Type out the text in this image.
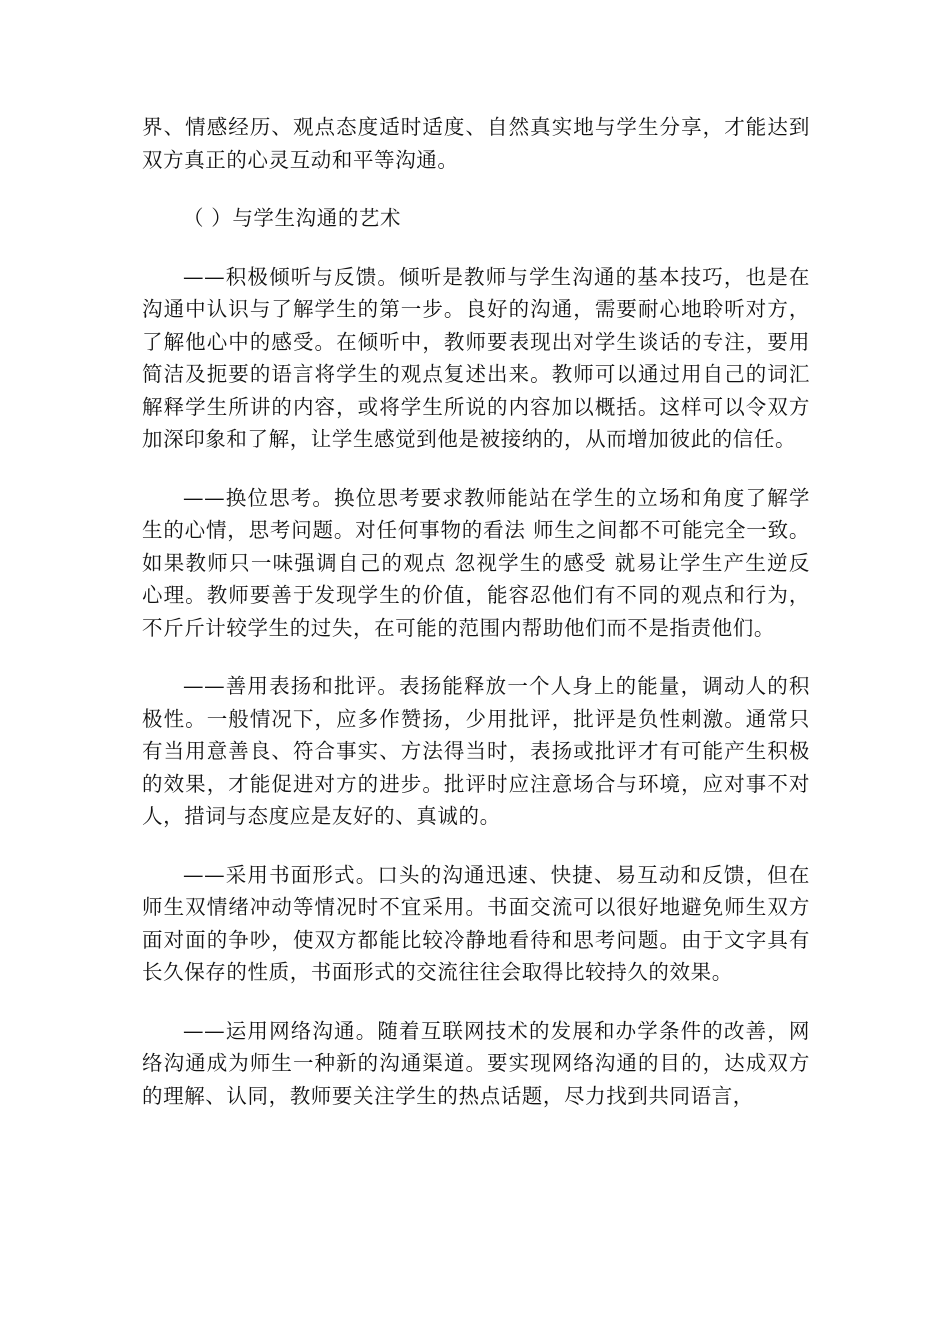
界、情感经历、观点态度适时适度、自然真实地与学生分享，才能达到双方真正的心灵互动和平等沟通。

（ ）与学生沟通的艺术

——积极倾听与反馈。倾听是教师与学生沟通的基本技巧，也是在沟通中认识与了解学生的第一步。良好的沟通，需要耐心地聆听对方，了解他心中的感受。在倾听中，教师要表现出对学生谈话的专注，要用简洁及扼要的语言将学生的观点复述出来。教师可以通过用自己的词汇解释学生所讲的内容，或将学生所说的内容加以概括。这样可以令双方加深印象和了解，让学生感觉到他是被接纳的，从而增加彼此的信任。

——换位思考。换位思考要求教师能站在学生的立场和角度了解学生的心情，思考问题。对任何事物的看法 师生之间都不可能完全一致。如果教师只一味强调自己的观点 忽视学生的感受 就易让学生产生逆反心理。教师要善于发现学生的价值，能容忍他们有不同的观点和行为，不斤斤计较学生的过失，在可能的范围内帮助他们而不是指责他们。

——善用表扬和批评。表扬能释放一个人身上的能量，调动人的积极性。一般情况下，应多作赞扬，少用批评，批评是负性刺激。通常只有当用意善良、符合事实、方法得当时，表扬或批评才有可能产生积极的效果，才能促进对方的进步。批评时应注意场合与环境，应对事不对人，措词与态度应是友好的、真诚的。

——采用书面形式。口头的沟通迅速、快捷、易互动和反馈，但在师生双情绪冲动等情况时不宜采用。书面交流可以很好地避免师生双方面对面的争吵，使双方都能比较冷静地看待和思考问题。由于文字具有长久保存的性质，书面形式的交流往往会取得比较持久的效果。

——运用网络沟通。随着互联网技术的发展和办学条件的改善，网络沟通成为师生一种新的沟通渠道。要实现网络沟通的目的，达成双方的理解、认同，教师要关注学生的热点话题，尽力找到共同语言，
